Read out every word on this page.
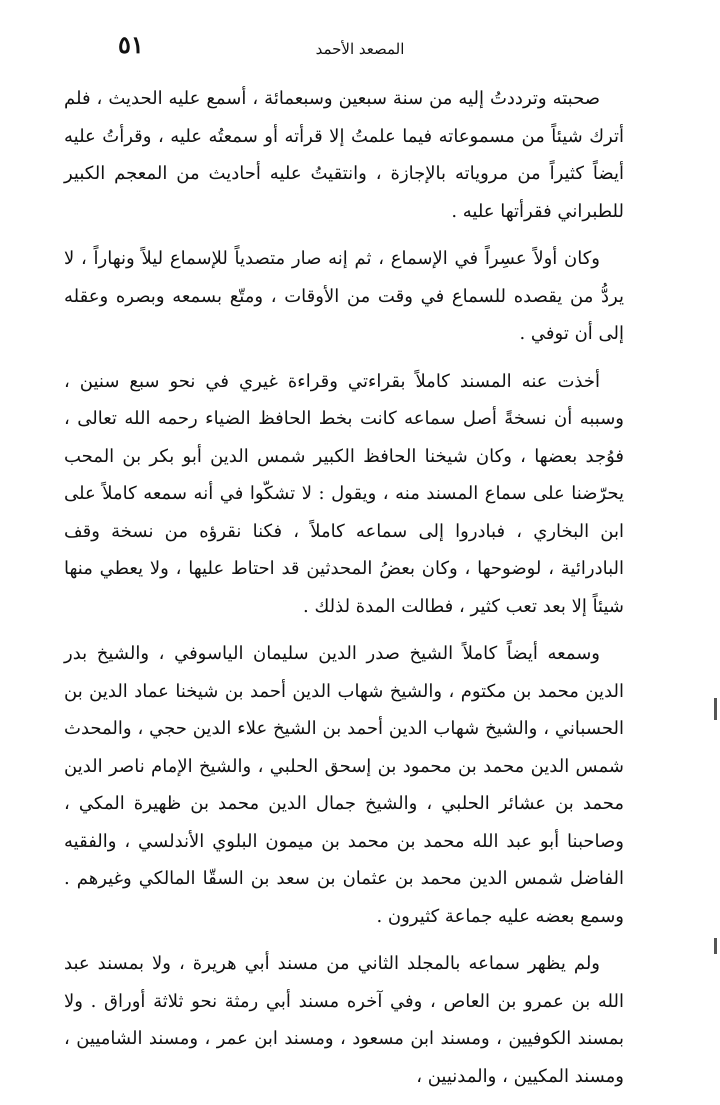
٥١	المصعد الأحمد

صحبته وترددتُ إليه من سنة سبعين وسبعمائة ، أسمع عليه الحديث ، فلم أترك شيئاً من مسموعاته فيما علمتُ إلا قرأته أو سمعتُه عليه ، وقرأتُ عليه أيضاً كثيراً من مروياته بالإجازة ، وانتقيتُ عليه أحاديث من المعجم الكبير للطبراني فقرأتها عليه .

وكان أولاً عسِراً في الإسماع ، ثم إنه صار متصدياً للإسماع ليلاً ونهاراً ، لا يردُّ من يقصده للسماع في وقت من الأوقات ، ومتّع بسمعه وبصره وعقله إلى أن توفي .

أخذت عنه المسند كاملاً بقراءتي وقراءة غيري في نحو سبع سنين ، وسببه أن نسخةً أصل سماعه كانت بخط الحافظ الضياء رحمه الله تعالى ، فوُجد بعضها ، وكان شيخنا الحافظ الكبير شمس الدين أبو بكر بن المحب يحرّضنا على سماع المسند منه ، ويقول : لا تشكّوا في أنه سمعه كاملاً على ابن البخاري ، فبادروا إلى سماعه كاملاً ، فكنا نقرؤه من نسخة وقف البادرائية ، لوضوحها ، وكان بعضُ المحدثين قد احتاط عليها ، ولا يعطي منها شيئاً إلا بعد تعب كثير ، فطالت المدة لذلك .

وسمعه أيضاً كاملاً الشيخ صدر الدين سليمان الياسوفي ، والشيخ بدر الدين محمد بن مكتوم ، والشيخ شهاب الدين أحمد بن شيخنا عماد الدين بن الحسباني ، والشيخ شهاب الدين أحمد بن الشيخ علاء الدين حجي ، والمحدث شمس الدين محمد بن محمود بن إسحق الحلبي ، والشيخ الإمام ناصر الدين محمد بن عشائر الحلبي ، والشيخ جمال الدين محمد بن ظهيرة المكي ، وصاحبنا أبو عبد الله محمد بن محمد بن ميمون البلوي الأندلسي ، والفقيه الفاضل شمس الدين محمد بن عثمان بن سعد بن السقّا المالكي وغيرهم . وسمع بعضه عليه جماعة كثيرون .

ولم يظهر سماعه بالمجلد الثاني من مسند أبي هريرة ، ولا بمسند عبد الله بن عمرو بن العاص ، وفي آخره مسند أبي رمثة نحو ثلاثة أوراق . ولا بمسند الكوفيين ، ومسند ابن مسعود ، ومسند ابن عمر ، ومسند الشاميين ، ومسند المكيين ، والمدنيين ،
